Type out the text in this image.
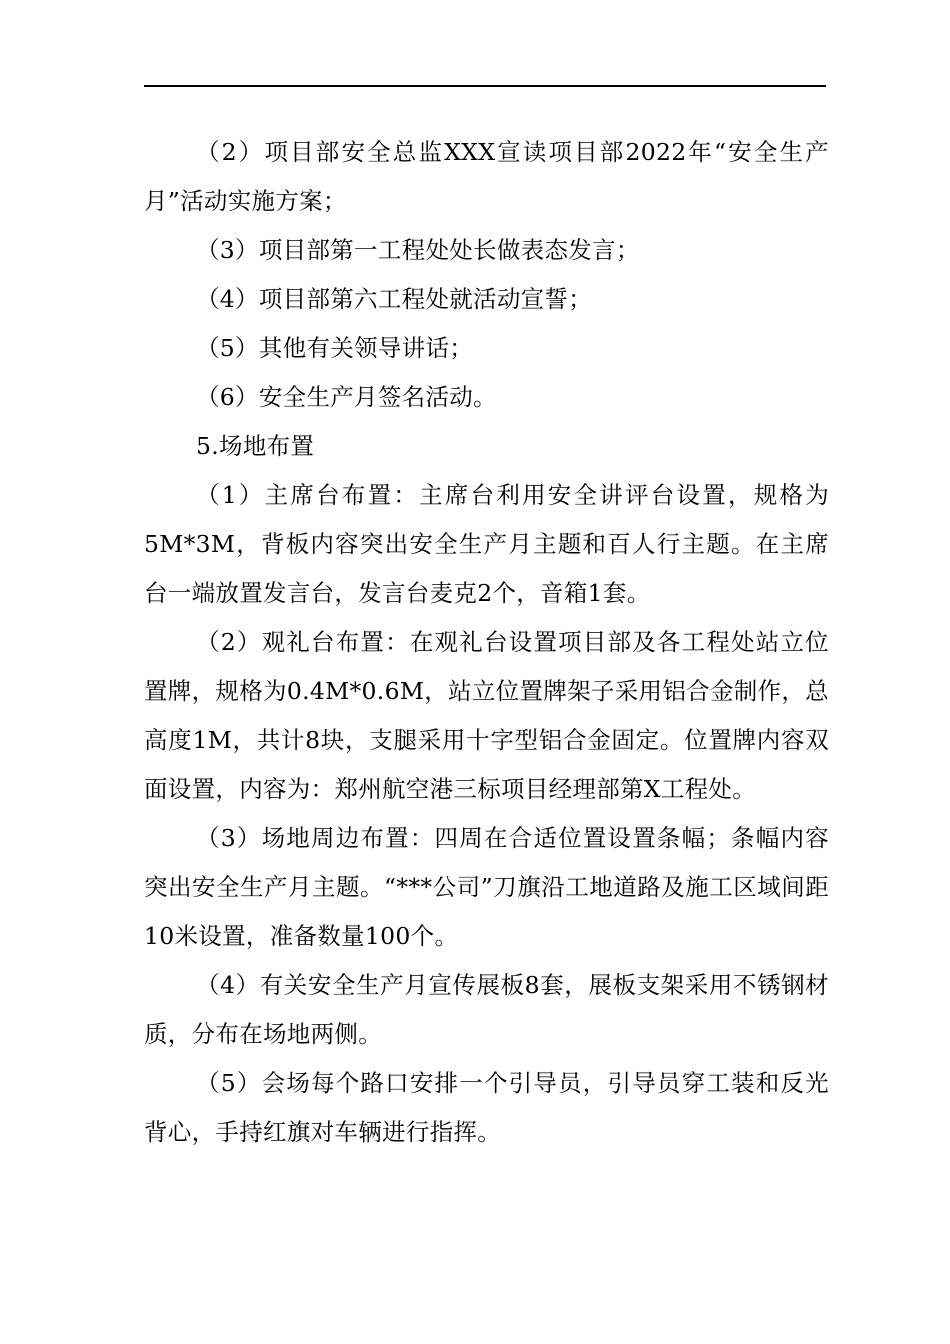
（2）项目部安全总监XXX宣读项目部2022年“安全生产月”活动实施方案；

（3）项目部第一工程处处长做表态发言；

（4）项目部第六工程处就活动宣誓；

（5）其他有关领导讲话；

（6）安全生产月签名活动。

5.场地布置

（1）主席台布置：主席台利用安全讲评台设置，规格为5M*3M，背板内容突出安全生产月主题和百人行主题。在主席台一端放置发言台，发言台麦克2个，音箱1套。

（2）观礼台布置：在观礼台设置项目部及各工程处站立位置牌，规格为0.4M*0.6M，站立位置牌架子采用铝合金制作，总高度1M，共计8块，支腿采用十字型铝合金固定。位置牌内容双面设置，内容为：郑州航空港三标项目经理部第X工程处。

（3）场地周边布置：四周在合适位置设置条幅；条幅内容突出安全生产月主题。“***公司”刀旗沿工地道路及施工区域间距10米设置，准备数量100个。

（4）有关安全生产月宣传展板8套，展板支架采用不锈钢材质，分布在场地两侧。

（5）会场每个路口安排一个引导员，引导员穿工装和反光背心，手持红旗对车辆进行指挥。
